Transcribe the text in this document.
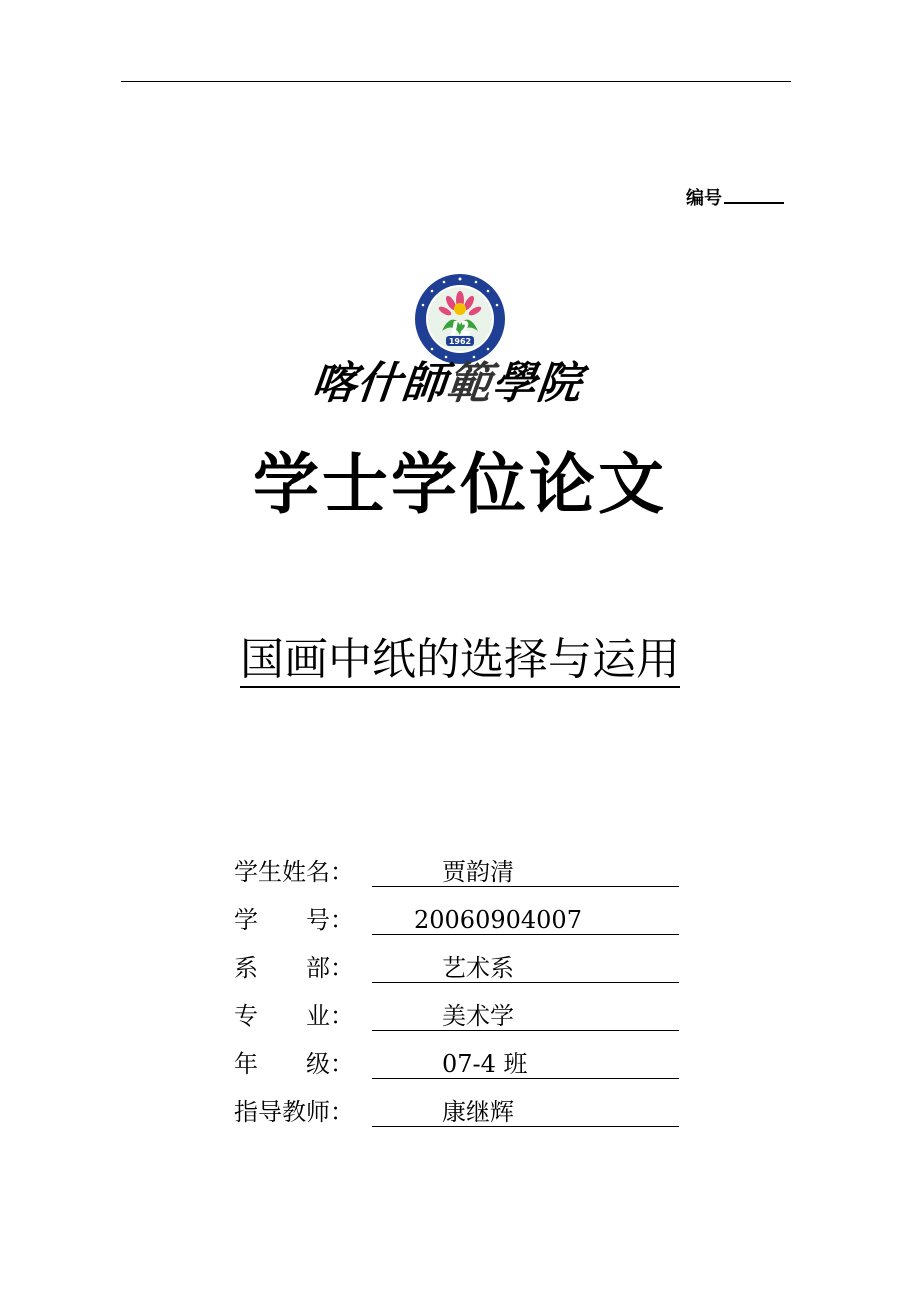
编号
1962
喀什師範學院
学士学位论文
国画中纸的选择与运用
学生姓名：	贾韵清
学　　号：	20060904007
系　　部：	艺术系
专　　业：	美术学
年　　级：	07-4 班
指导教师：	康继辉
